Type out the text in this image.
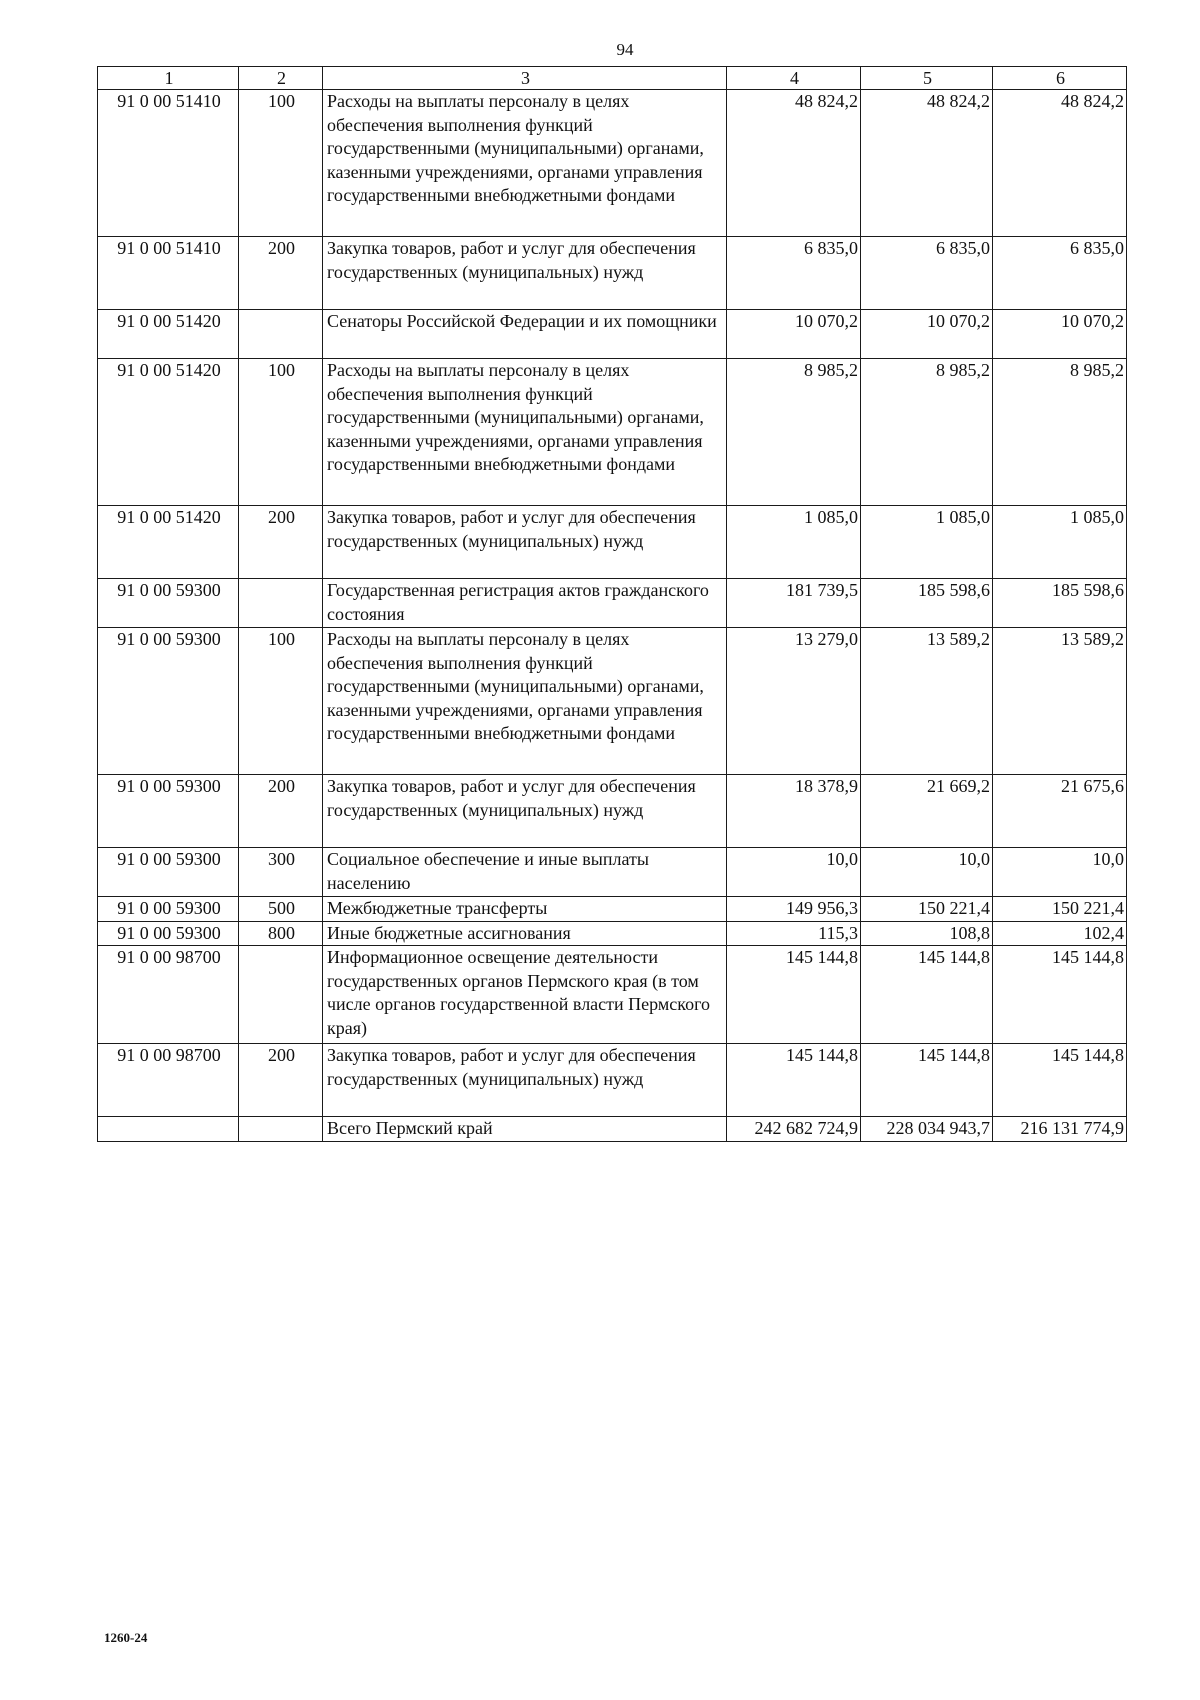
94
1	2	3	4	5	6
91 0 00 51410	100	Расходы на выплаты персоналу в целях обеспечения выполнения функций государственными (муниципальными) органами, казенными учреждениями, органами управления государственными внебюджетными фондами	48 824,2	48 824,2	48 824,2
91 0 00 51410	200	Закупка товаров, работ и услуг для обеспечения государственных (муниципальных) нужд	6 835,0	6 835,0	6 835,0
91 0 00 51420		Сенаторы Российской Федерации и их помощники	10 070,2	10 070,2	10 070,2
91 0 00 51420	100	Расходы на выплаты персоналу в целях обеспечения выполнения функций государственными (муниципальными) органами, казенными учреждениями, органами управления государственными внебюджетными фондами	8 985,2	8 985,2	8 985,2
91 0 00 51420	200	Закупка товаров, работ и услуг для обеспечения государственных (муниципальных) нужд	1 085,0	1 085,0	1 085,0
91 0 00 59300		Государственная регистрация актов гражданского состояния	181 739,5	185 598,6	185 598,6
91 0 00 59300	100	Расходы на выплаты персоналу в целях обеспечения выполнения функций государственными (муниципальными) органами, казенными учреждениями, органами управления государственными внебюджетными фондами	13 279,0	13 589,2	13 589,2
91 0 00 59300	200	Закупка товаров, работ и услуг для обеспечения государственных (муниципальных) нужд	18 378,9	21 669,2	21 675,6
91 0 00 59300	300	Социальное обеспечение и иные выплаты населению	10,0	10,0	10,0
91 0 00 59300	500	Межбюджетные трансферты	149 956,3	150 221,4	150 221,4
91 0 00 59300	800	Иные бюджетные ассигнования	115,3	108,8	102,4
91 0 00 98700		Информационное освещение деятельности государственных органов Пермского края (в том числе органов государственной власти Пермского края)	145 144,8	145 144,8	145 144,8
91 0 00 98700	200	Закупка товаров, работ и услуг для обеспечения государственных (муниципальных) нужд	145 144,8	145 144,8	145 144,8
		Всего Пермский край	242 682 724,9	228 034 943,7	216 131 774,9
1260-24
